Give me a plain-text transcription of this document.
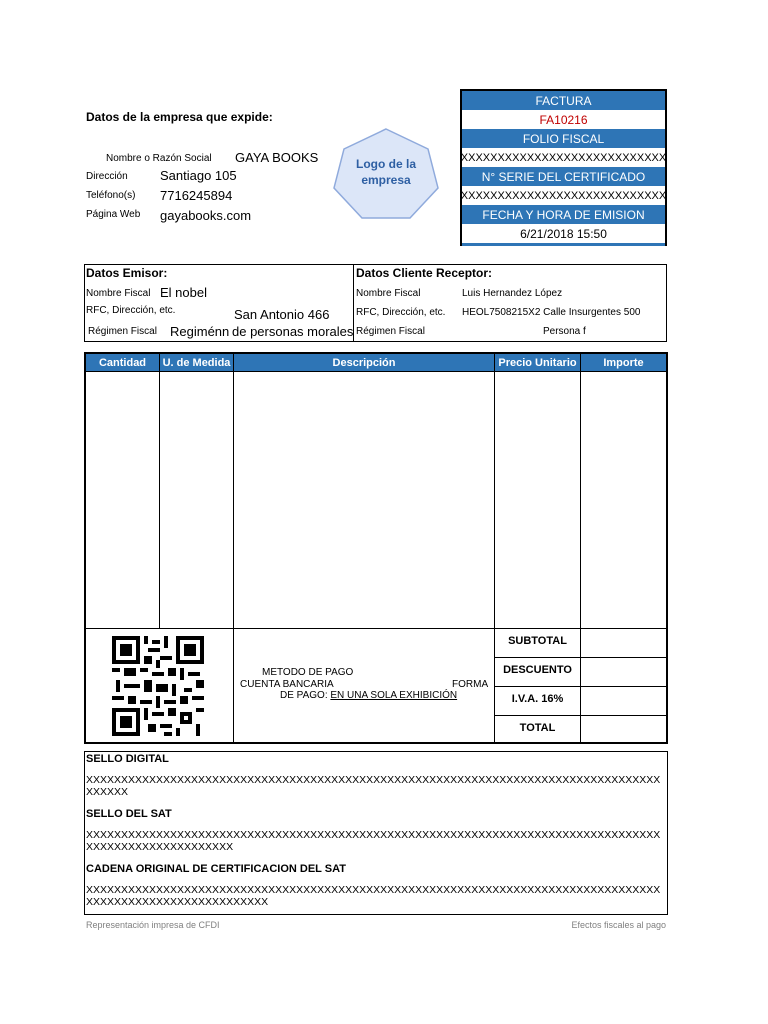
Datos de la empresa que expide:
Nombre o Razón Social GAYA BOOKS
Dirección Santiago 105
Teléfono(s) 7716245894
Página Web gayabooks.com
Logo de la
empresa
FACTURA
FA10216
FOLIO FISCAL
XXXXXXXXXXXXXXXXXXXXXXXXXXXX
N° SERIE DEL CERTIFICADO
XXXXXXXXXXXXXXXXXXXXXXXXXXXX
FECHA Y HORA DE EMISION
6/21/2018 15:50
Datos Emisor:
Nombre Fiscal El nobel
RFC, Dirección, etc.	San Antonio 466
Régimen Fiscal Regiménn de personas morales
Datos Cliente Receptor:
Nombre Fiscal	Luis Hernandez López
RFC, Dirección, etc. HEOL7508215X2 Calle Insurgentes 500
Régimen Fiscal	Persona f
Cantidad	U. de Medida	Descripción	Precio Unitario	Importe
METODO DE PAGO
CUENTA BANCARIA	FORMA
DE PAGO: EN UNA SOLA EXHIBICIÓN
SUBTOTAL
DESCUENTO
I.V.A. 16%
TOTAL
SELLO DIGITAL
XXXXXXXXXXXXXXXXXXXXXXXXXXXXXXXXXXXXXXXXXXXXXXXXXXXXXXXXXXXXXXXXXXXXXXXXXXXXXXXXXXXXXXXX
SELLO DEL SAT
XXXXXXXXXXXXXXXXXXXXXXXXXXXXXXXXXXXXXXXXXXXXXXXXXXXXXXXXXXXXXXXXXXXXXXXXXXXXXXXXXXXXXXXXXXXXXXXXXXXXXXX
CADENA ORIGINAL DE CERTIFICACION DEL SAT
XXXXXXXXXXXXXXXXXXXXXXXXXXXXXXXXXXXXXXXXXXXXXXXXXXXXXXXXXXXXXXXXXXXXXXXXXXXXXXXXXXXXXXXXXXXXXXXXXXXXXXXXXXXX
Representación impresa de CFDI	Efectos fiscales al pago
